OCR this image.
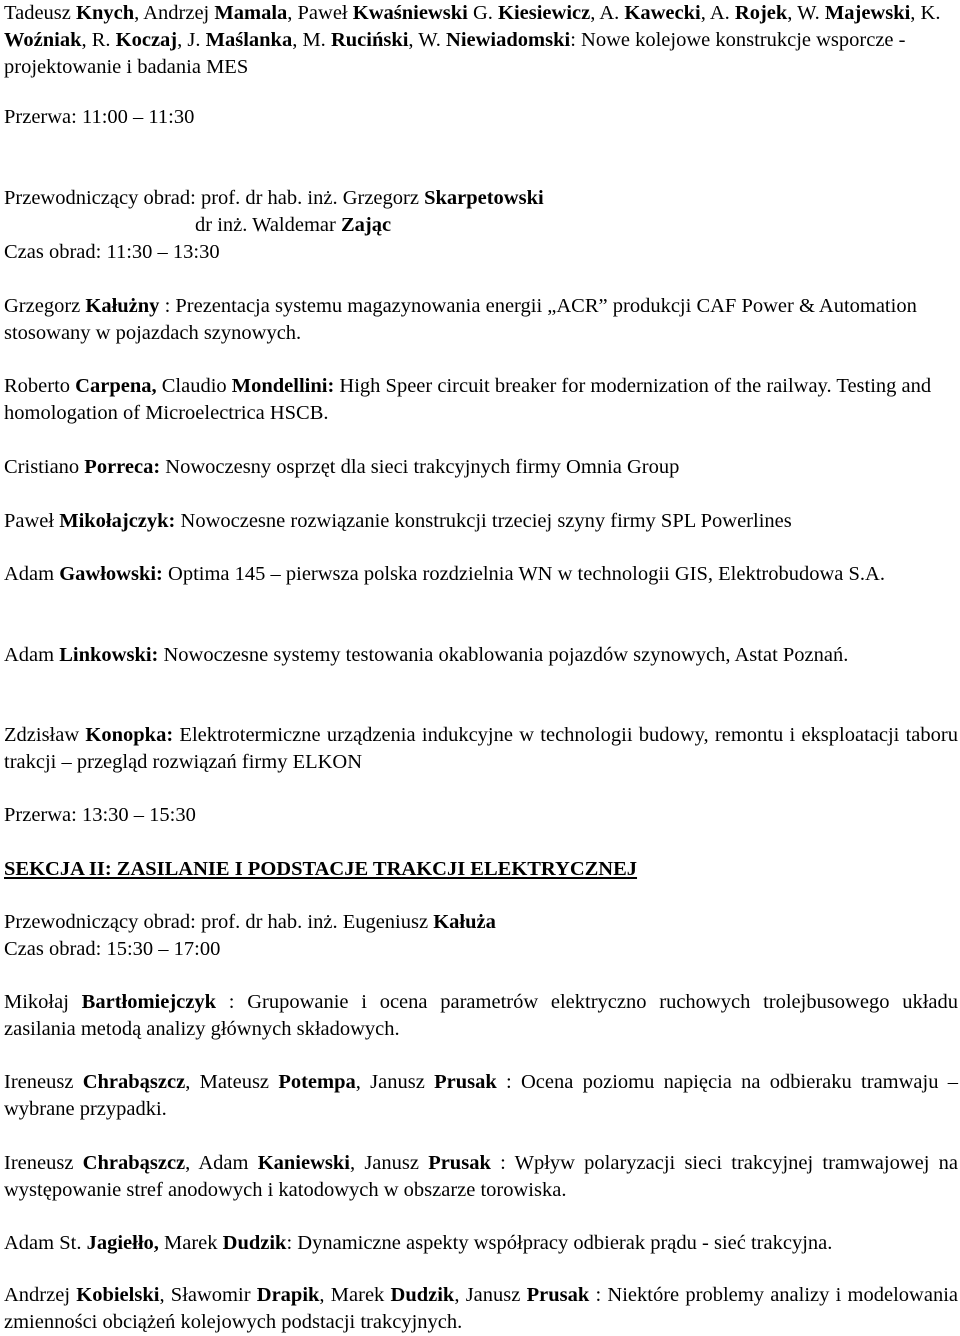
Tadeusz Knych, Andrzej Mamala, Paweł Kwaśniewski G. Kiesiewicz, A. Kawecki, A. Rojek, W. Majewski, K. Woźniak, R. Koczaj, J. Maślanka, M. Ruciński, W. Niewiadomski: Nowe kolejowe konstrukcje wsporcze - projektowanie i badania MES

Przerwa: 11:00 – 11:30

Przewodniczący obrad: prof. dr hab. inż. Grzegorz Skarpetowski

dr inż. Waldemar Zając

Czas obrad: 11:30 – 13:30

Grzegorz Kałużny : Prezentacja systemu magazynowania energii „ACR” produkcji CAF Power & Automation stosowany w pojazdach szynowych.

Roberto Carpena, Claudio Mondellini: High Speer circuit breaker for modernization of the railway. Testing and homologation of Microelectrica HSCB.

Cristiano Porreca: Nowoczesny osprzęt dla sieci trakcyjnych firmy Omnia Group

Paweł Mikołajczyk: Nowoczesne rozwiązanie konstrukcji trzeciej szyny firmy SPL Powerlines

Adam Gawłowski: Optima 145 – pierwsza polska rozdzielnia WN w technologii GIS, Elektrobudowa S.A.

Adam Linkowski: Nowoczesne systemy testowania okablowania pojazdów szynowych, Astat Poznań.

Zdzisław Konopka: Elektrotermiczne urządzenia indukcyjne w technologii budowy, remontu i eksploatacji taboru trakcji – przegląd rozwiązań firmy ELKON

Przerwa: 13:30 – 15:30

SEKCJA II: ZASILANIE I PODSTACJE TRAKCJI ELEKTRYCZNEJ

Przewodniczący obrad: prof. dr hab. inż. Eugeniusz Kałuża

Czas obrad: 15:30 – 17:00

Mikołaj Bartłomiejczyk : Grupowanie i ocena parametrów elektryczno ruchowych trolejbusowego układu zasilania metodą analizy głównych składowych.

Ireneusz Chrabąszcz, Mateusz Potempa, Janusz Prusak : Ocena poziomu napięcia na odbieraku tramwaju – wybrane przypadki.

Ireneusz Chrabąszcz, Adam Kaniewski, Janusz Prusak : Wpływ polaryzacji sieci trakcyjnej tramwajowej na występowanie stref anodowych i katodowych w obszarze torowiska.

Adam St. Jagiełło, Marek Dudzik: Dynamiczne aspekty współpracy odbierak prądu - sieć trakcyjna.

Andrzej Kobielski, Sławomir Drapik, Marek Dudzik, Janusz Prusak : Niektóre problemy analizy i modelowania zmienności obciążeń kolejowych podstacji trakcyjnych.
